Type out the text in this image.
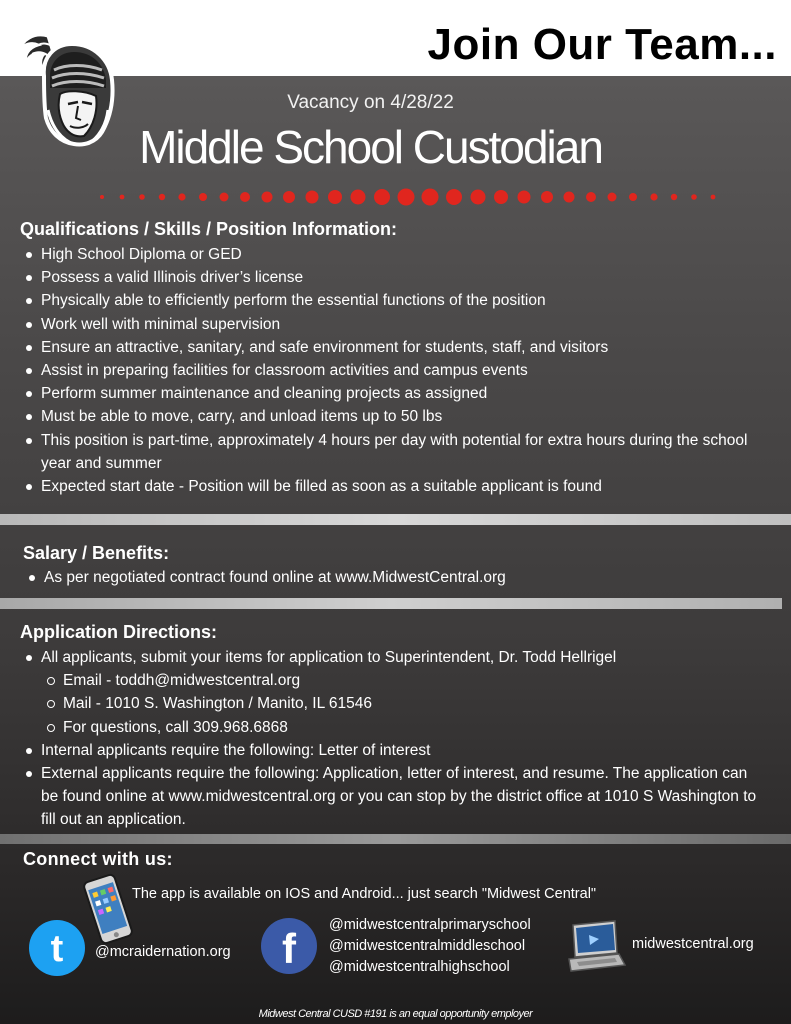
Join Our Team...
Vacancy on 4/28/22
Middle School Custodian
Qualifications / Skills / Position Information:
High School Diploma or GED
Possess a valid Illinois driver’s license
Physically able to efficiently perform the essential functions of the position
Work well with minimal supervision
Ensure an attractive, sanitary, and safe environment for students, staff, and visitors
Assist in preparing facilities for classroom activities and campus events
Perform summer maintenance and cleaning projects as assigned
Must be able to move, carry, and unload items up to 50 lbs
This position is part-time, approximately 4 hours per day with potential for extra hours during the school year and summer
Expected start date - Position will be filled as soon as a suitable applicant is found
Salary / Benefits:
As per negotiated contract found online at www.MidwestCentral.org
Application Directions:
All applicants, submit your items for application to Superintendent, Dr. Todd Hellrigel
Email - toddh@midwestcentral.org
Mail - 1010 S. Washington / Manito, IL 61546
For questions, call 309.968.6868
Internal applicants require the following: Letter of interest
External applicants require the following: Application, letter of interest, and resume. The application can be found online at www.midwestcentral.org or you can stop by the district office at 1010 S Washington to fill out an application.
Connect with us:
The app is available on IOS and Android... just search "Midwest Central"
t @mcraidernation.org f @midwestcentralprimaryschool
@midwestcentralmiddleschool
@midwestcentralhighschool
midwestcentral.org
Midwest Central CUSD #191 is an equal opportunity employer
